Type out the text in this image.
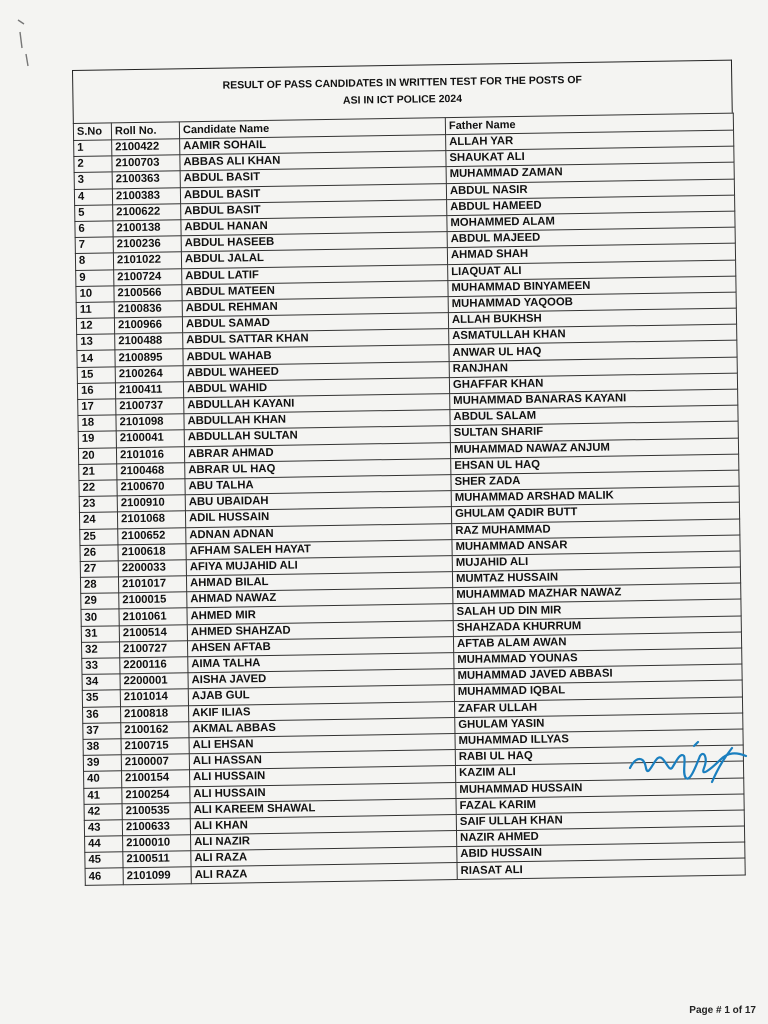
RESULT OF PASS CANDIDATES IN WRITTEN TEST FOR THE POSTS OF
ASI IN ICT POLICE 2024
S.No	Roll No.	Candidate Name	Father Name
1	2100422	AAMIR SOHAIL	ALLAH YAR
2	2100703	ABBAS ALI KHAN	SHAUKAT ALI
3	2100363	ABDUL BASIT	MUHAMMAD ZAMAN
4	2100383	ABDUL BASIT	ABDUL NASIR
5	2100622	ABDUL BASIT	ABDUL HAMEED
6	2100138	ABDUL HANAN	MOHAMMED ALAM
7	2100236	ABDUL HASEEB	ABDUL MAJEED
8	2101022	ABDUL JALAL	AHMAD SHAH
9	2100724	ABDUL LATIF	LIAQUAT ALI
10	2100566	ABDUL MATEEN	MUHAMMAD BINYAMEEN
11	2100836	ABDUL REHMAN	MUHAMMAD YAQOOB
12	2100966	ABDUL SAMAD	ALLAH BUKHSH
13	2100488	ABDUL SATTAR KHAN	ASMATULLAH KHAN
14	2100895	ABDUL WAHAB	ANWAR UL HAQ
15	2100264	ABDUL WAHEED	RANJHAN
16	2100411	ABDUL WAHID	GHAFFAR KHAN
17	2100737	ABDULLAH KAYANI	MUHAMMAD BANARAS KAYANI
18	2101098	ABDULLAH KHAN	ABDUL SALAM
19	2100041	ABDULLAH SULTAN	SULTAN SHARIF
20	2101016	ABRAR AHMAD	MUHAMMAD NAWAZ ANJUM
21	2100468	ABRAR UL HAQ	EHSAN UL HAQ
22	2100670	ABU TALHA	SHER ZADA
23	2100910	ABU UBAIDAH	MUHAMMAD ARSHAD MALIK
24	2101068	ADIL HUSSAIN	GHULAM QADIR BUTT
25	2100652	ADNAN ADNAN	RAZ MUHAMMAD
26	2100618	AFHAM SALEH HAYAT	MUHAMMAD ANSAR
27	2200033	AFIYA MUJAHID ALI	MUJAHID ALI
28	2101017	AHMAD BILAL	MUMTAZ HUSSAIN
29	2100015	AHMAD NAWAZ	MUHAMMAD MAZHAR NAWAZ
30	2101061	AHMED MIR	SALAH UD DIN MIR
31	2100514	AHMED SHAHZAD	SHAHZADA KHURRUM
32	2100727	AHSEN AFTAB	AFTAB ALAM AWAN
33	2200116	AIMA TALHA	MUHAMMAD YOUNAS
34	2200001	AISHA JAVED	MUHAMMAD JAVED ABBASI
35	2101014	AJAB GUL	MUHAMMAD IQBAL
36	2100818	AKIF ILIAS	ZAFAR ULLAH
37	2100162	AKMAL ABBAS	GHULAM YASIN
38	2100715	ALI EHSAN	MUHAMMAD ILLYAS
39	2100007	ALI HASSAN	RABI UL HAQ
40	2100154	ALI HUSSAIN	KAZIM ALI
41	2100254	ALI HUSSAIN	MUHAMMAD HUSSAIN
42	2100535	ALI KAREEM SHAWAL	FAZAL KARIM
43	2100633	ALI KHAN	SAIF ULLAH KHAN
44	2100010	ALI NAZIR	NAZIR AHMED
45	2100511	ALI RAZA	ABID HUSSAIN
46	2101099	ALI RAZA	RIASAT ALI
Page # 1 of 17
